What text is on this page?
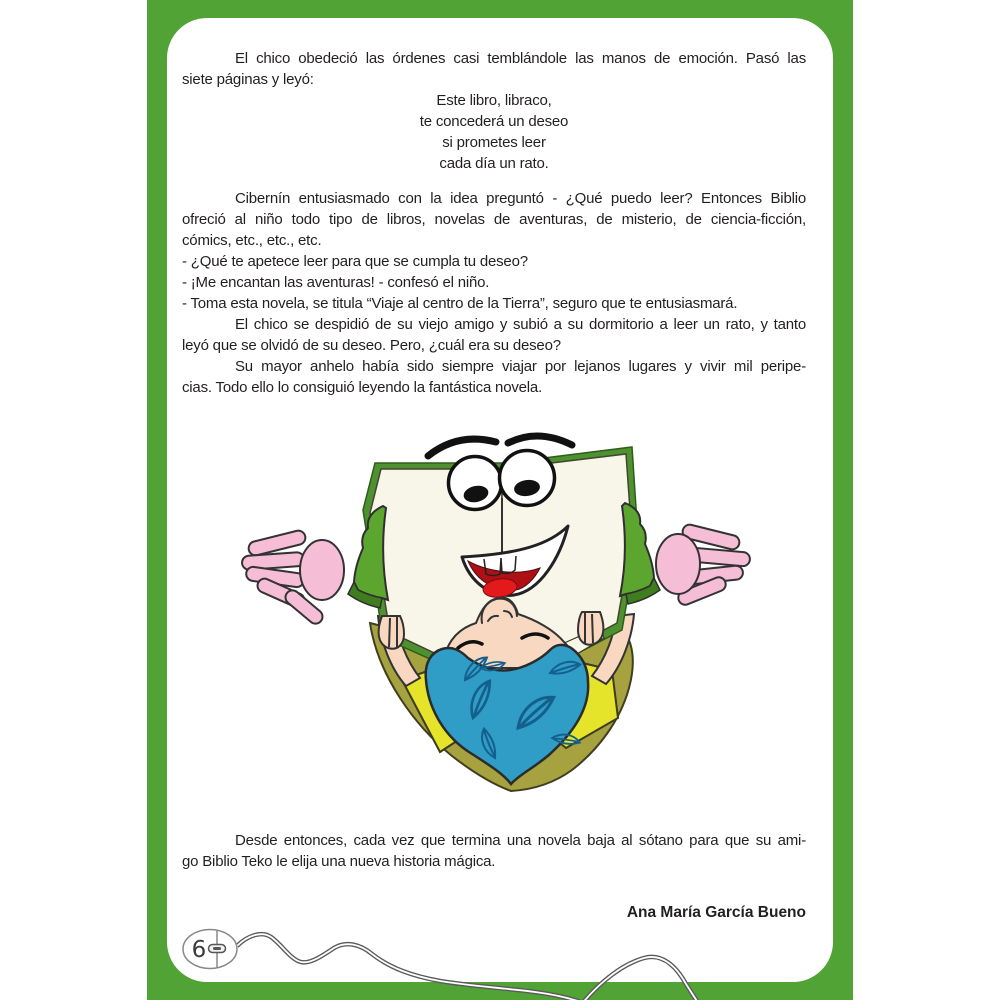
El chico obedeció las órdenes casi temblándole las manos de emoción. Pasó las
siete páginas y leyó:
Este libro, libraco,
te concederá un deseo
si prometes leer
cada día un rato.
Cibernín entusiasmado con la idea preguntó - ¿Qué puedo leer? Entonces Biblio
ofreció al niño todo tipo de libros, novelas de aventuras, de misterio, de ciencia-ficción,
cómics, etc., etc., etc.
- ¿Qué te apetece leer para que se cumpla tu deseo?
- ¡Me encantan las aventuras! - confesó el niño.
- Toma esta novela, se titula “Viaje al centro de la Tierra”, seguro que te entusiasmará.
El chico se despidió de su viejo amigo y subió a su dormitorio a leer un rato, y tanto
leyó que se olvidó de su deseo. Pero, ¿cuál era su deseo?
Su mayor anhelo había sido siempre viajar por lejanos lugares y vivir mil peripe-
cias. Todo ello lo consiguió leyendo la fantástica novela.
Desde entonces, cada vez que termina una novela baja al sótano para que su ami-
go Biblio Teko le elija una nueva historia mágica.
Ana María García Bueno
6
